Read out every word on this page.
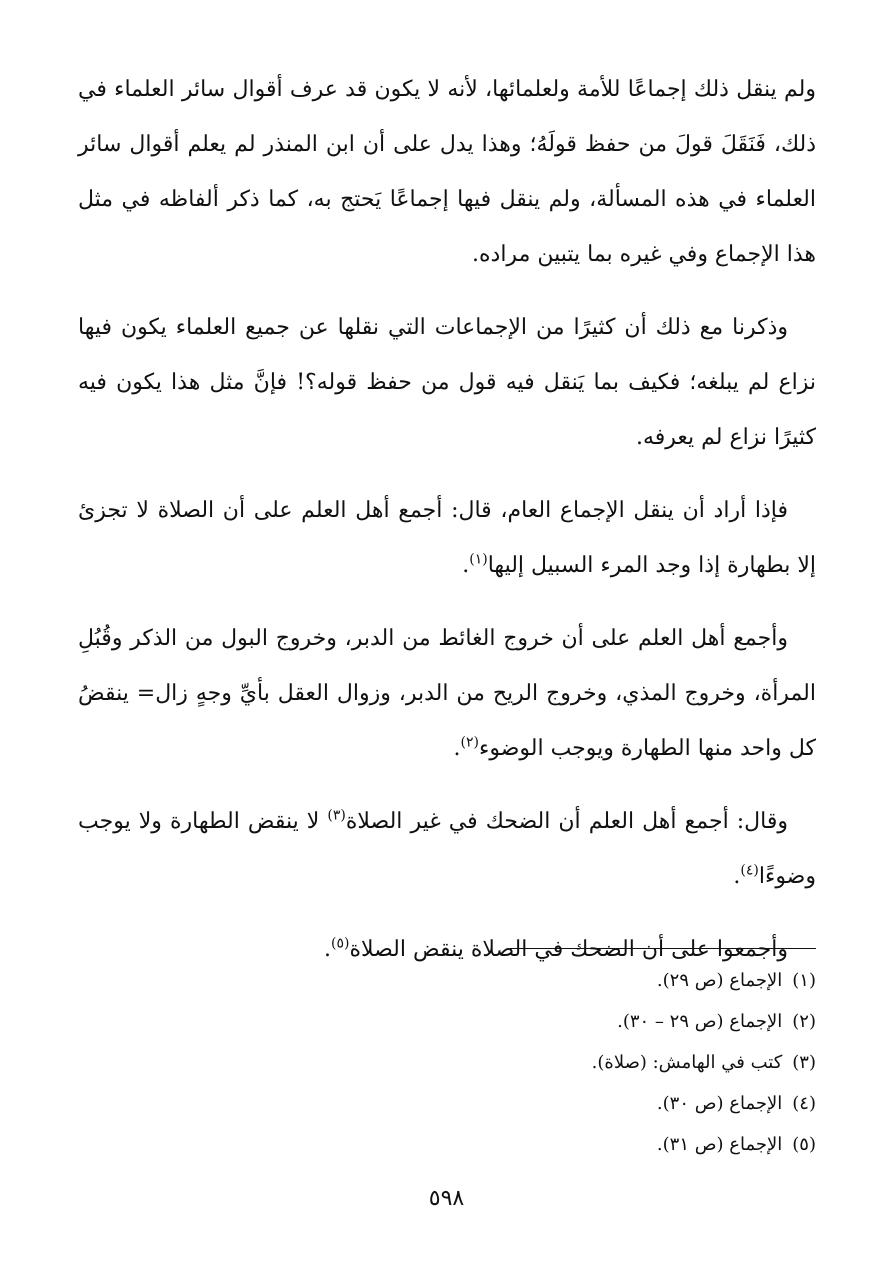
ولم ينقل ذلك إجماعًا للأمة ولعلمائها، لأنه لا يكون قد عرف أقوال سائر العلماء في ذلك، فَنَقَلَ قولَ من حفظ قولَهُ؛ وهذا يدل على أن ابن المنذر لم يعلم أقوال سائر العلماء في هذه المسألة، ولم ينقل فيها إجماعًا يَحتج به، كما ذكر ألفاظه في مثل هذا الإجماع وفي غيره بما يتبين مراده.

وذكرنا مع ذلك أن كثيرًا من الإجماعات التي نقلها عن جميع العلماء يكون فيها نزاع لم يبلغه؛ فكيف بما يَنقل فيه قول من حفظ قوله؟! فإنَّ مثل هذا يكون فيه كثيرًا نزاع لم يعرفه.

فإذا أراد أن ينقل الإجماع العام، قال: أجمع أهل العلم على أن الصلاة لا تجزئ إلا بطهارة إذا وجد المرء السبيل إليها$^{(١)}$.

وأجمع أهل العلم على أن خروج الغائط من الدبر، وخروج البول من الذكر وقُبُلِ المرأة، وخروج المذي، وخروج الريح من الدبر، وزوال العقل بأيِّ وجهٍ زال= ينقضُ كل واحد منها الطهارة ويوجب الوضوء$^{(٢)}$.

وقال: أجمع أهل العلم أن الضحك في غير الصلاة$^{(٣)}$ لا ينقض الطهارة ولا يوجب وضوءًا$^{(٤)}$.

وأجمعوا على أن الضحك في الصلاة ينقض الصلاة$^{(٥)}$.

(١)الإجماع (ص ٢٩).
(٢)الإجماع (ص ٢٩ – ٣٠).
(٣)كتب في الهامش: (صلاة).
(٤)الإجماع (ص ٣٠).
(٥)الإجماع (ص ٣١).
٥٩٨
